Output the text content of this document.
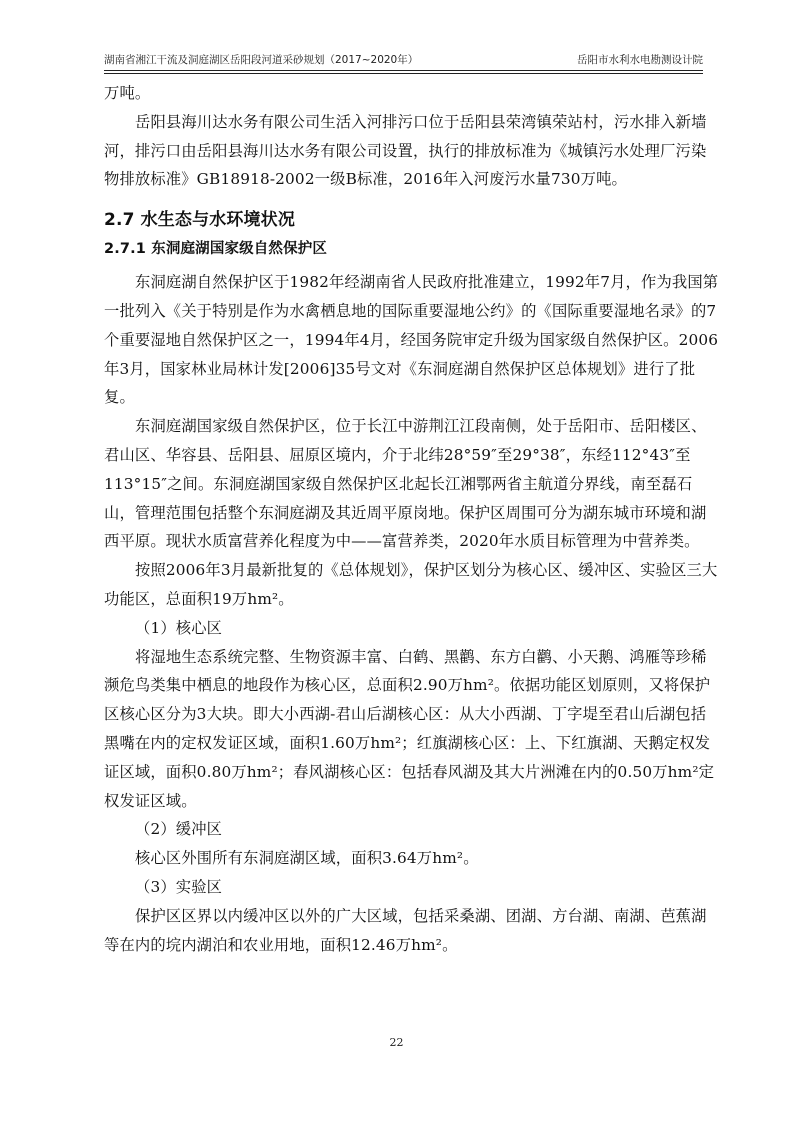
湖南省湘江干流及洞庭湖区岳阳段河道采砂规划（2017~2020年）	岳阳市水利水电勘测设计院

万吨。

岳阳县海川达水务有限公司生活入河排污口位于岳阳县荣湾镇荣站村，污水排入新墙河，排污口由岳阳县海川达水务有限公司设置，执行的排放标准为《城镇污水处理厂污染物排放标准》GB18918-2002一级B标准，2016年入河废污水量730万吨。

2.7 水生态与水环境状况

2.7.1 东洞庭湖国家级自然保护区

东洞庭湖自然保护区于1982年经湖南省人民政府批准建立，1992年7月，作为我国第一批列入《关于特别是作为水禽栖息地的国际重要湿地公约》的《国际重要湿地名录》的7个重要湿地自然保护区之一，1994年4月，经国务院审定升级为国家级自然保护区。2006年3月，国家林业局林计发[2006]35号文对《东洞庭湖自然保护区总体规划》进行了批复。

东洞庭湖国家级自然保护区，位于长江中游荆江江段南侧，处于岳阳市、岳阳楼区、君山区、华容县、岳阳县、屈原区境内，介于北纬28°59″至29°38″，东经112°43″至113°15″之间。东洞庭湖国家级自然保护区北起长江湘鄂两省主航道分界线，南至磊石山，管理范围包括整个东洞庭湖及其近周平原岗地。保护区周围可分为湖东城市环境和湖西平原。现状水质富营养化程度为中——富营养类，2020年水质目标管理为中营养类。

按照2006年3月最新批复的《总体规划》，保护区划分为核心区、缓冲区、实验区三大功能区，总面积19万hm²。

（1）核心区

将湿地生态系统完整、生物资源丰富、白鹤、黑鹳、东方白鹳、小天鹅、鸿雁等珍稀濒危鸟类集中栖息的地段作为核心区，总面积2.90万hm²。依据功能区划原则，又将保护区核心区分为3大块。即大小西湖-君山后湖核心区：从大小西湖、丁字堤至君山后湖包括黑嘴在内的定权发证区域，面积1.60万hm²；红旗湖核心区：上、下红旗湖、天鹅定权发证区域，面积0.80万hm²；春风湖核心区：包括春风湖及其大片洲滩在内的0.50万hm²定权发证区域。

（2）缓冲区

核心区外围所有东洞庭湖区域，面积3.64万hm²。

（3）实验区

保护区区界以内缓冲区以外的广大区域，包括采桑湖、团湖、方台湖、南湖、芭蕉湖等在内的垸内湖泊和农业用地，面积12.46万hm²。

22
